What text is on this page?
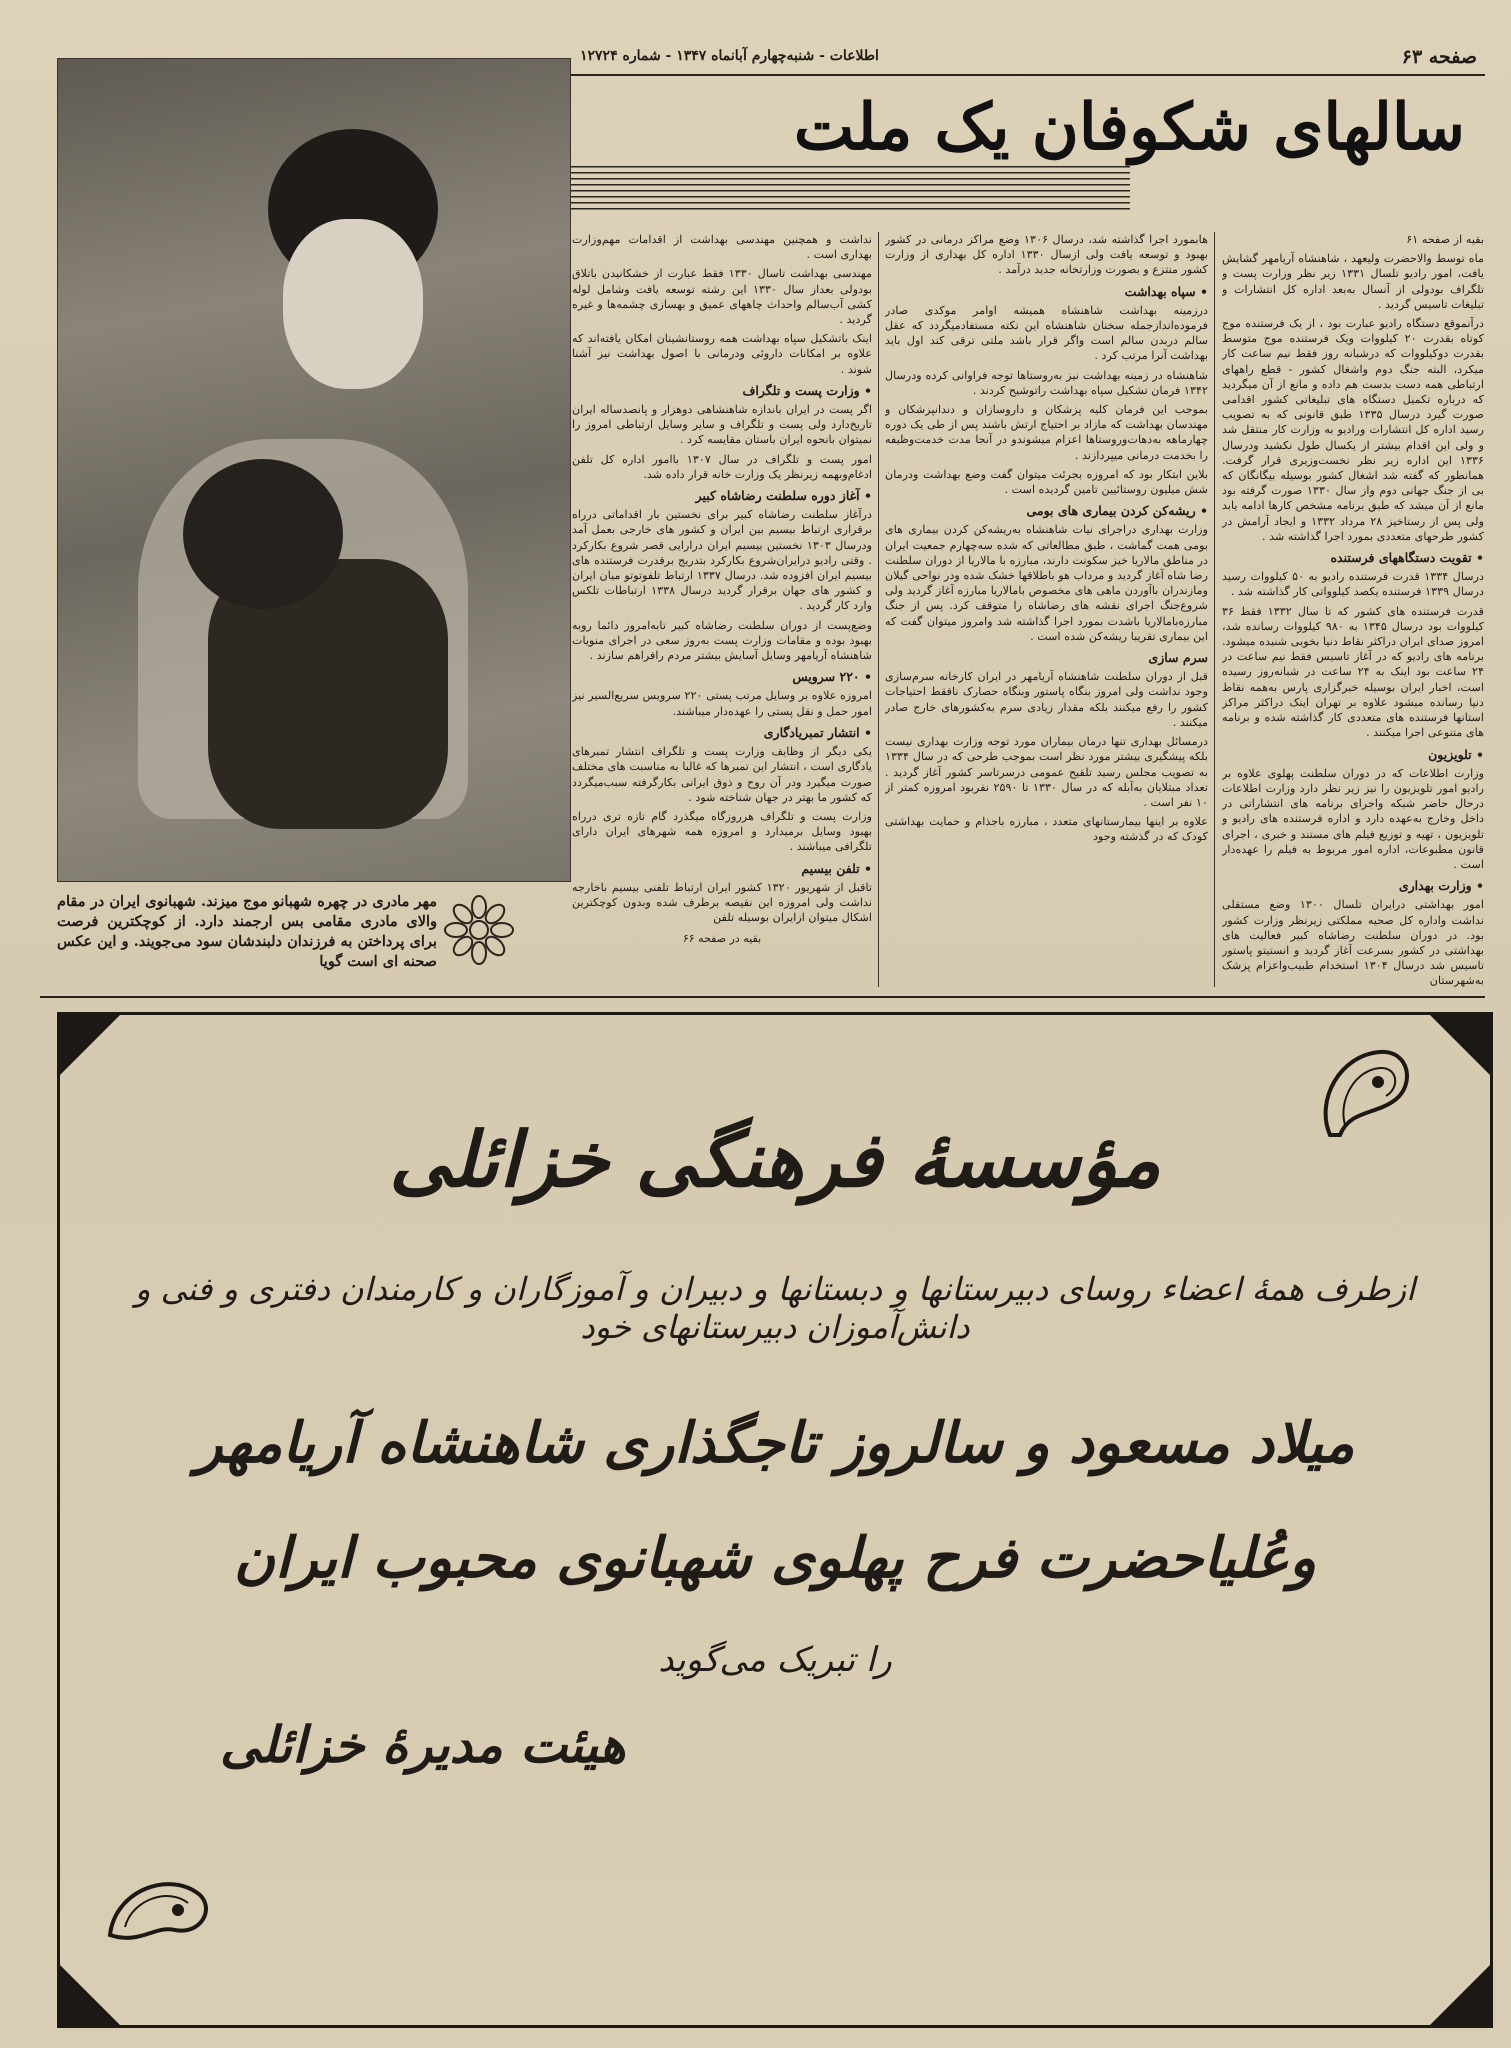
صفحه ۶۳
اطلاعات - شنبه‌چهارم آبانماه ۱۳۴۷ - شماره ۱۲۷۲۴
سالهای شکوفان یک ملت
مهر مادری در چهره شهبانو موج میزند. شهبانوی ایران در مقام والای مادری مقامی بس ارجمند دارد. از کوچکترین فرصت برای پرداختن به فرزندان دلبندشان سود می‌جویند. و این عکس صحنه ای است گویا
بقیه از صفحه ۶۱
ماه توسط والاحضرت ولیعهد ، شاهنشاه آریامهر گشایش یافت، امور رادیو تلسال ۱۳۳۱ زیر نظر وزارت پست و تلگراف بودولی از آنسال به‌بعد اداره کل انتشارات و تبلیغات تاسیس گردید .
درآنموقع دستگاه رادیو عبارت بود ، از یک فرستنده موج کوتاه بقدرت ۲۰ کیلووات ویک فرستنده موج متوسط بقدرت دوکیلووات که درشبانه روز فقط نیم ساعت کار میکرد، البته جنگ دوم واشغال کشور - قطع راههای ارتباطی همه دست بدست هم داده و مانع از آن میگردید که درباره تکمیل دستگاه های تبلیغاتی کشور اقدامی صورت گیرد درسال ۱۳۳۵ طبق قانونی که به تصویب رسید اداره کل انتشارات ورادیو به وزارت کار منتقل شد و ولی این اقدام بیشتر از یکسال طول نکشید ودرسال ۱۳۳۶ این اداره زیر نظر نخست‌وزیری قرار گرفت. همانطور که گفته شد اشغال کشور بوسیله بیگانگان که بی از جنگ جهانی دوم واز سال ۱۳۳۰ صورت گرفته بود مانع از آن میشد که طبق برنامه مشخص کارها ادامه یابد ولی پس از رستاخیز ۲۸ مرداد ۱۳۳۲ و ایجاد آرامش در کشور طرحهای متعددی بمورد اجرا گذاشته شد .
• تقویت دستگاههای فرستنده
درسال ۱۳۳۴ قدرت فرستنده رادیو به ۵۰ کیلووات رسید درسال ۱۳۳۹ فرستنده یکصد کیلوواتی کار گذاشته شد .
قدرت فرستنده های کشور که تا سال ۱۳۳۲ فقط ۳۶ کیلووات بود درسال ۱۳۴۵ به ۹۸۰ کیلووات رسانده شد، امروز صدای ایران دراکثر نقاط دنیا بخوبی شنیده میشود. برنامه های رادیو که در آغاز تاسیس فقط نیم ساعت در ۲۴ ساعت بود اینک به ۲۴ ساعت در شبانه‌روز رسیده است، اخبار ایران بوسیله خبرگزاری پارس به‌همه نقاط دنیا رسانده میشود علاوه بر تهران اینک دراکثر مراکز استانها فرستنده های متعددی کار گذاشته شده و برنامه های متنوعی اجرا میکنند .
• تلویزیون
وزارت اطلاعات که در دوران سلطنت پهلوی علاوه بر رادیو امور تلویزیون را نیز زیر نظر دارد وزارت اطلاعات درحال حاضر شبکه واجرای برنامه های انتشاراتی در داخل وخارج به‌عهده دارد و اداره فرستنده های رادیو و تلویزیون ، تهیه و توزیع فیلم های مستند و خبری ، اجرای قانون مطبوعات، اداره امور مربوط به فیلم را عهده‌دار است .
• وزارت بهداری
امور بهداشتی درایران تلسال ۱۳۰۰ وضع مستقلی نداشت واداره کل صحیه مملکتی زیرنظر وزارت کشور بود. در دوران سلطنت رضاشاه کبیر فعالیت های بهداشتی در کشور بسرعت آغاز گردید و انستیتو پاستور تاسیس شد درسال ۱۳۰۴ استخدام طبیب‌واعزام پزشک به‌شهرستان
هابمورد اجرا گذاشته شد، درسال ۱۳۰۶ وضع مراکز درمانی در کشور بهبود و توسعه یافت ولی ازسال ۱۳۳۰ اداره کل بهداری از وزارت کشور منتزع و بصورت وزارتخانه جدید درآمد .
• سپاه بهداشت
درزمینه بهداشت شاهنشاه همیشه اوامر موکدی صادر فرموده‌اندازجمله سخنان شاهنشاه این نکته مستفادمیگردد که عقل سالم دربدن سالم است واگر قرار باشد ملتی ترقی کند اول باید بهداشت آنرا مرتب کرد .
شاهنشاه در زمینه بهداشت نیز به‌روستاها توجه فراوانی کرده ودرسال ۱۳۴۲ فرمان تشکیل سپاه بهداشت راتوشیح کردند .
بموجب این فرمان کلیه پزشکان و داروسازان و دندانپزشکان و مهندسان بهداشت که مازاد بر احتیاج ارتش باشند پس از طی یک دوره چهارماهه به‌دهات‌وروستاها اعزام میشوندو در آنجا مدت خدمت‌وظیفه را بخدمت درمانی میپردازند .
بلاین ابتکار بود که امروزه بجرئت میتوان گفت وضع بهداشت ودرمان شش میلیون روستائیین تامین گردیده است .
• ریشه‌کن کردن بیماری های بومی
وزارت بهداری دراجرای نیات شاهنشاه به‌ریشه‌کن کردن بیماری های بومی همت گماشت ، طبق مطالعاتی که شده سه‌چهارم جمعیت ایران در مناطق مالاریا خیز سکونت دارند، مبارزه با مالاریا از دوران سلطنت رضا شاه آغاز گردید و مرداب هو باطلاقها خشک شده ودر نواحی گیلان ومازندران باآوردن ماهی های مخصوص بامالاریا مبارزه آغاز گردید ولی شروع‌جنگ اجرای نقشه های رضاشاه را متوقف کرد. پس از جنگ مبارزه‌بامالاریا باشدت بمورد اجرا گذاشته شد وامروز میتوان گفت که این بیماری تقریبا ریشه‌کن شده است .
سرم سازی
قبل از دوران سلطنت شاهنشاه آریامهر در ایران کارخانه سرم‌سازی وجود نداشت ولی امروز بنگاه پاستور وبنگاه حصارک نافقط احتیاجات کشور را رفع میکنند بلکه مقدار زیادی سرم به‌کشورهای خارج صادر میکنند .
درمسائل بهداری تنها درمان بیماران مورد توجه وزارت بهداری نیست بلکه پیشگیری بیشتر مورد نظر است بموجب طرحی که در سال ۱۳۳۴ به تصویب مجلس رسید تلقیح عمومی درسرتاسر کشور آغاز گردید . تعداد مبتلایان به‌آبله که در سال ۱۳۳۰ تا ۲۵۹۰ نفربود امروزه کمتر از ۱۰ نفر است .
علاوه بر اینها بیمارستانهای متعدد ، مبارزه باجذام و حمایت بهداشتی کودک که در گذشته وجود
نداشت و همچنین مهندسی بهداشت از اقدامات مهم‌وزارت بهداری است .
مهندسی بهداشت تاسال ۱۳۳۰ فقط عبارت از خشکانیدن باتلاق بودولی بعداز سال ۱۳۳۰ این رشته توسعه یافت وشامل لوله کشی آب‌سالم واحداث چاههای عمیق و بهسازی چشمه‌ها و غیره گردید .
اینک باتشکیل سپاه بهداشت همه روستانشینان امکان یافته‌اند که علاوه بر امکانات داروئی ودرمانی با اصول بهداشت نیز آشنا شوند .
• وزارت پست و تلگراف
اگر پست در ایران باندازه شاهنشاهی دوهزار و پانصدساله ایران تاریخ‌دارد ولی پست و تلگراف و سایر وسایل ارتباطی امروز را نمیتوان بانحوه ایران باستان مقایسه کرد .
امور پست و تلگراف در سال ۱۳۰۷ باامور اداره کل تلفن ادغام‌وبهمه زیرنظر یک وزارت خانه قرار داده شد.
• آغاز دوره سلطنت رضاشاه کبیر
درآغاز سلطنت رضاشاه کبیر برای نخستین بار اقداماتی درراه برقراری ارتباط بیسیم بین ایران و کشور های خارجی بعمل آمد ودرسال ۱۳۰۳ نخستین بیسیم ایران درارایی قصر شروع بکارکرد . وقتی رادیو درایران‌شروع بکارکرد بتدریج برقدرت فرستنده های بیسیم ایران افزوده شد. درسال ۱۳۳۷ ارتباط تلفوتوتو میان ایران و کشور های جهان برقرار گردید درسال ۱۳۳۸ ارتباطات تلکس وارد کار گردید .
وضع‌پست از دوران سلطنت رضاشاه کبیر تابه‌امروز دائما روبه بهبود بوده و مقامات وزارت پست به‌روز سعی در اجرای منویات شاهنشاه آریامهر وسایل آسایش بیشتر مردم رافراهم سازند .
• ۲۲۰ سرویس
امروزه علاوه بر وسایل مرتب پستی ۲۲۰ سرویس سریع‌السیر نیز امور حمل و نقل پستی را عهده‌دار میباشند.
• انتشار تمبریادگاری
یکی دیگر از وظایف وزارت پست و تلگراف انتشار تمبرهای یادگاری است ، انتشار این تمبرها که غالبا به مناسبت های مختلف صورت میگیرد ودر آن روح و ذوق ایرانی بکارگرفته سبب‌میگردد که کشور ما بهتر در جهان شناخته شود .
وزارت پست و تلگراف هرروزگاه میگذرد گام تازه تری درراه بهبود وسایل برمیدارد و امروزه همه شهرهای ایران دارای تلگرافی میباشند .
• تلفن بیسیم
تاقبل از شهریور ۱۳۲۰ کشور ایران ارتباط تلفنی بیسیم باخارجه نداشت ولی امروزه این نقیصه برطرف شده وبدون کوچکترین اشکال میتوان ازایران بوسیله تلفن
بقیه در صفحه ۶۶
مؤسسهٔ فرهنگی خزائلی
ازطرف همهٔ اعضاء روسای دبیرستانها و دبستانها و دبیران و آموزگاران و کارمندان دفتری و فنی و دانش‌آموزان دبیرستانهای خود
میلاد مسعود و سالروز تاجگذاری شاهنشاه آریامهر
وعُلیاحضرت فرح پهلوی شهبانوی محبوب ایران
را تبریک می‌گوید
هیئت مدیرهٔ خزائلی
